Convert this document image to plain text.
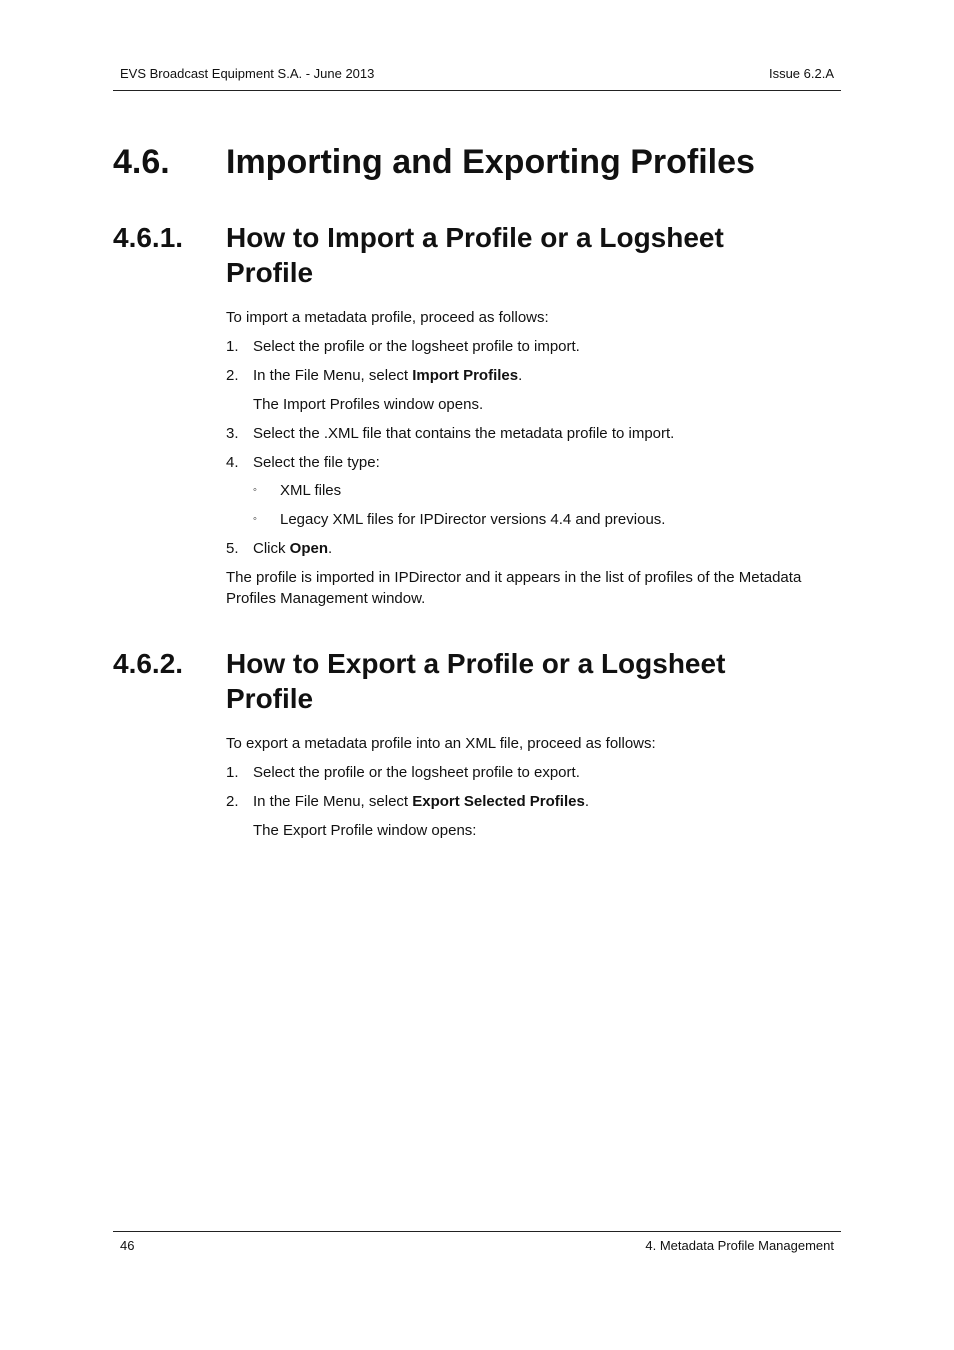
EVS Broadcast Equipment S.A. - June 2013	Issue 6.2.A
4.6. Importing and Exporting Profiles
4.6.1. How to Import a Profile or a Logsheet Profile
To import a metadata profile, proceed as follows:
1. Select the profile or the logsheet profile to import.
2. In the File Menu, select Import Profiles.
The Import Profiles window opens.
3. Select the .XML file that contains the metadata profile to import.
4. Select the file type:
◦ XML files
◦ Legacy XML files for IPDirector versions 4.4 and previous.
5. Click Open.
The profile is imported in IPDirector and it appears in the list of profiles of the Metadata Profiles Management window.
4.6.2. How to Export a Profile or a Logsheet Profile
To export a metadata profile into an XML file, proceed as follows:
1. Select the profile or the logsheet profile to export.
2. In the File Menu, select Export Selected Profiles.
The Export Profile window opens:
46	4. Metadata Profile Management
